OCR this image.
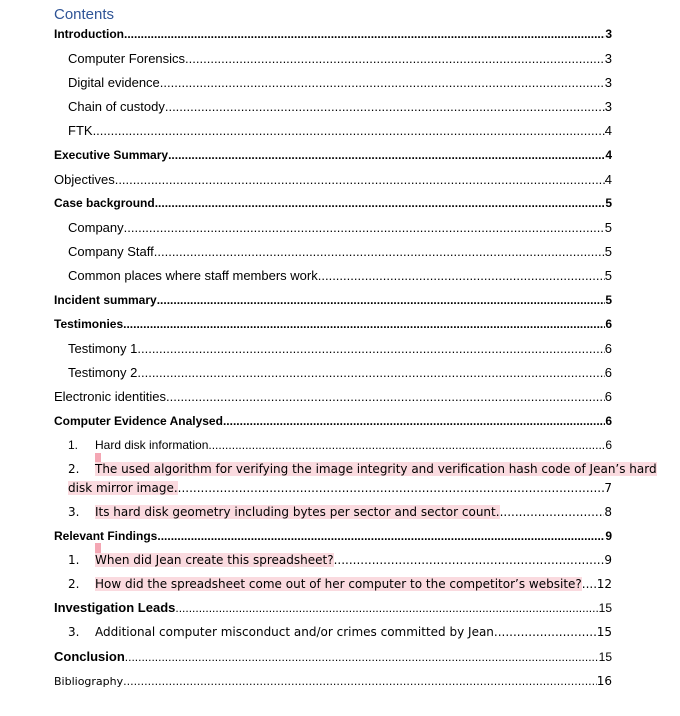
Contents
Introduction .....	3
Computer Forensics .....	3
Digital evidence .....	3
Chain of custody .....	3
FTK .....	4
Executive Summary .....	4
Objectives .....	4
Case background .....	5
Company .....	5
Company Staff .....	5
Common places where staff members work .....	5
Incident summary .....	5
Testimonies .....	6
Testimony 1 .....	6
Testimony 2 .....	6
Electronic identities .....	6
Computer Evidence Analysed .....	6
1.	Hard disk information .....	6
2.	The used algorithm for verifying the image integrity and verification hash code of Jean’s hard
disk mirror image. .....	7
3.	Its hard disk geometry including bytes per sector and sector count. .....	8
Relevant Findings .....	9
1.	When did Jean create this spreadsheet? .....	9
2.	How did the spreadsheet come out of her computer to the competitor’s website? ..... 12
Investigation Leads .....	15
3.	Additional computer misconduct and/or crimes committed by Jean. .....	15
Conclusion .....	15
Bibliography .....	16
